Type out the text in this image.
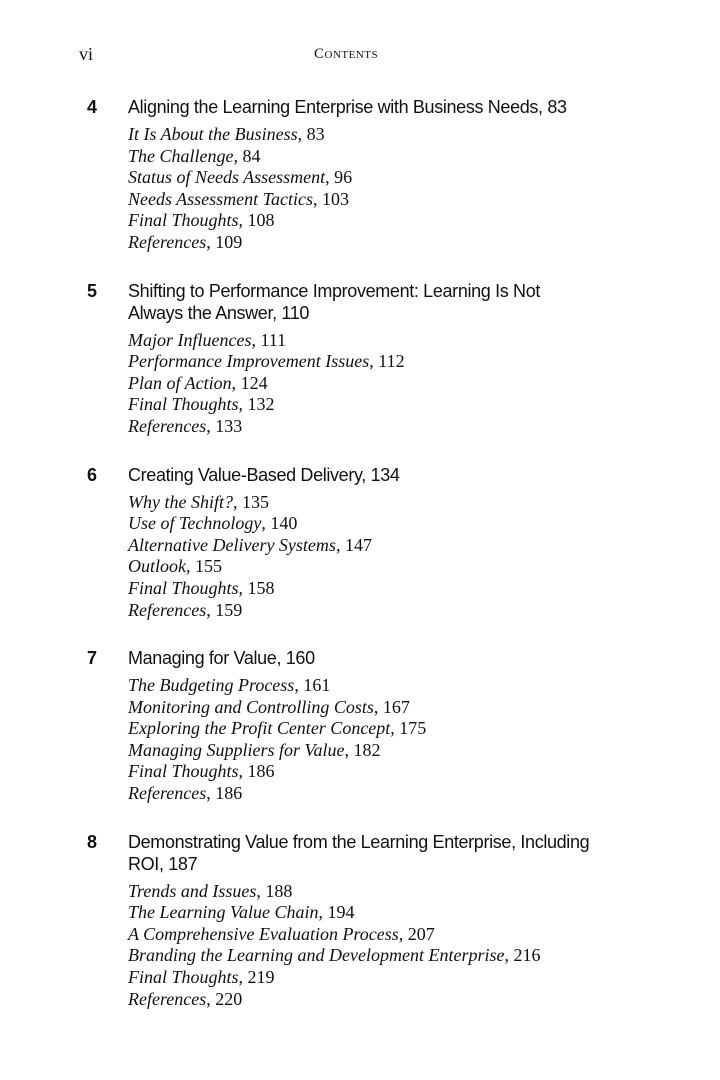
vi	Contents
4 Aligning the Learning Enterprise with Business Needs, 83
It Is About the Business, 83
The Challenge, 84
Status of Needs Assessment, 96
Needs Assessment Tactics, 103
Final Thoughts, 108
References, 109
5 Shifting to Performance Improvement: Learning Is Not Always the Answer, 110
Major Influences, 111
Performance Improvement Issues, 112
Plan of Action, 124
Final Thoughts, 132
References, 133
6 Creating Value-Based Delivery, 134
Why the Shift?, 135
Use of Technology, 140
Alternative Delivery Systems, 147
Outlook, 155
Final Thoughts, 158
References, 159
7 Managing for Value, 160
The Budgeting Process, 161
Monitoring and Controlling Costs, 167
Exploring the Profit Center Concept, 175
Managing Suppliers for Value, 182
Final Thoughts, 186
References, 186
8 Demonstrating Value from the Learning Enterprise, Including ROI, 187
Trends and Issues, 188
The Learning Value Chain, 194
A Comprehensive Evaluation Process, 207
Branding the Learning and Development Enterprise, 216
Final Thoughts, 219
References, 220
